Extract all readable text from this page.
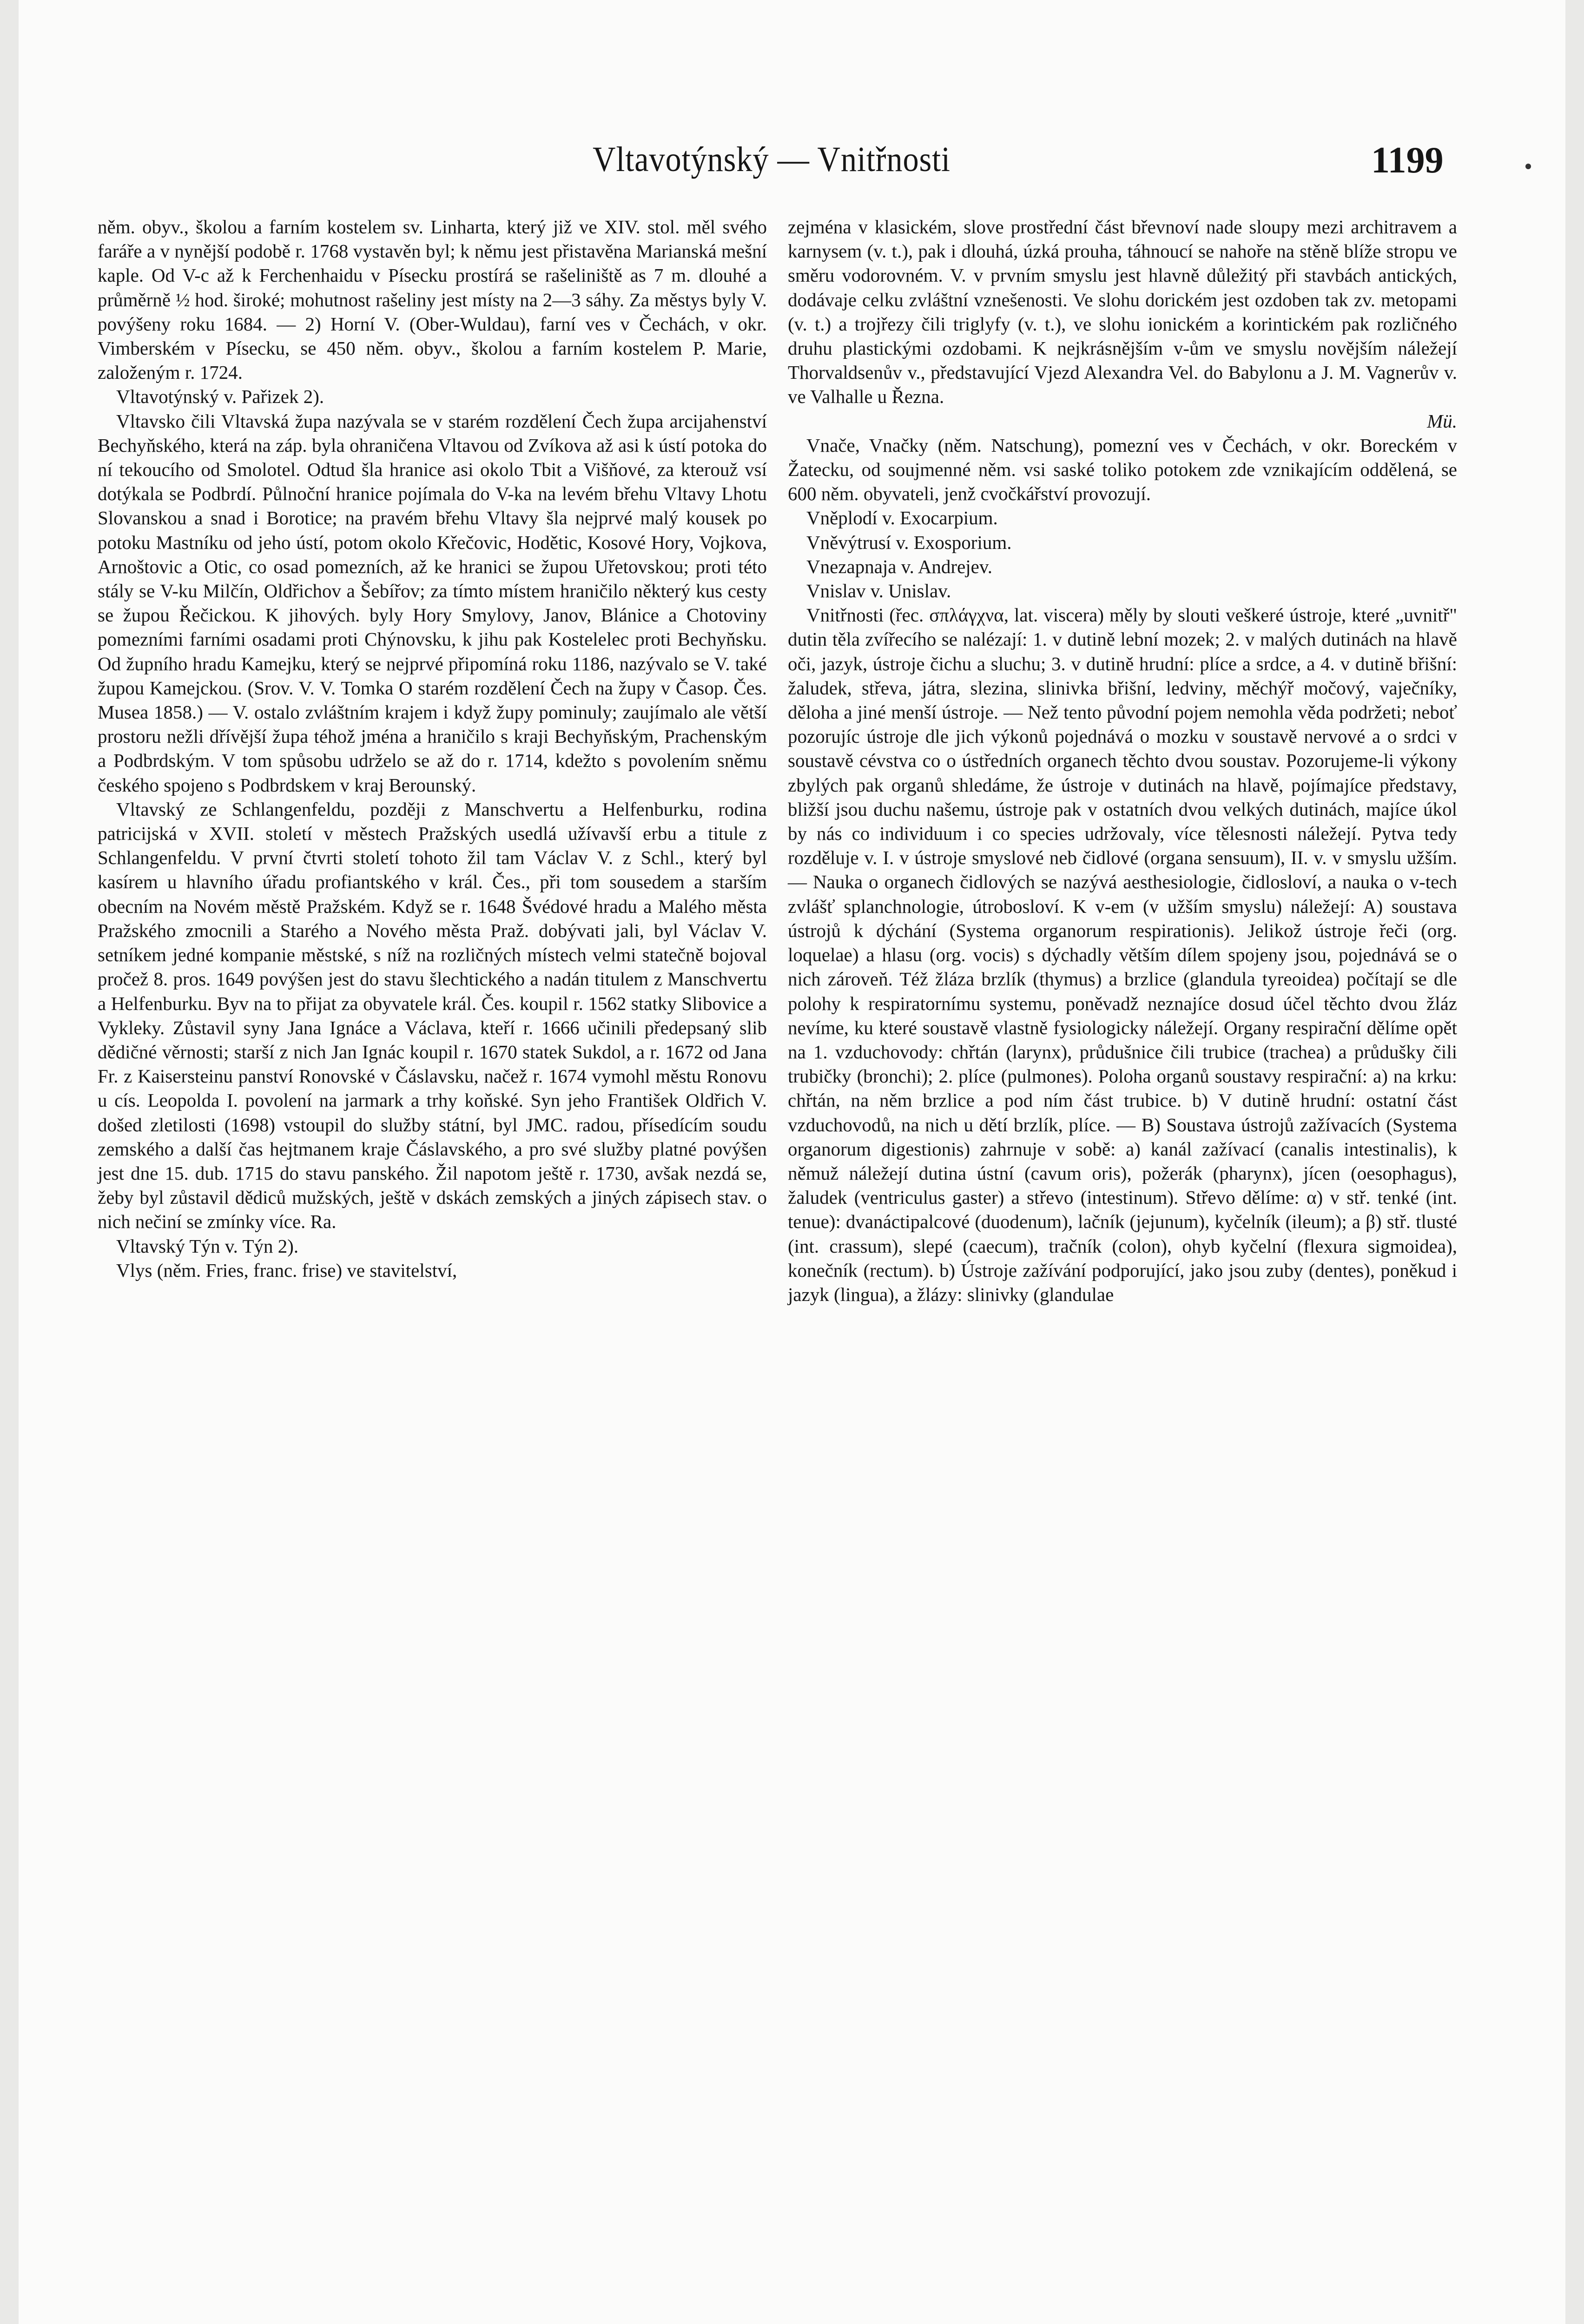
Vltavotýnský — Vnitřnosti	1199

něm. obyv., školou a farním kostelem sv. Linharta, který již ve XIV. stol. měl svého faráře a v nynější podobě r. 1768 vystavěn byl; k němu jest přistavěna Marianská mešní kaple. Od V-c až k Ferchenhaidu v Písecku prostírá se rašeliniště as 7 m. dlouhé a průměrně ½ hod. široké; mohutnost rašeliny jest místy na 2—3 sáhy. Za městys byly V. povýšeny roku 1684. — 2) Horní V. (Ober-Wuldau), farní ves v Čechách, v okr. Vimberském v Písecku, se 450 něm. obyv., školou a farním kostelem P. Marie, založeným r. 1724.

Vltavotýnský v. Pařizek 2).

Vltavsko čili Vltavská župa nazývala se v starém rozdělení Čech župa arcijahenství Bechyňského, která na záp. byla ohraničena Vltavou od Zvíkova až asi k ústí potoka do ní tekoucího od Smolotel. Odtud šla hranice asi okolo Tbit a Višňové, za kterouž vsí dotýkala se Podbrdí. Půlnoční hranice pojímala do V-ka na levém břehu Vltavy Lhotu Slovanskou a snad i Borotice; na pravém břehu Vltavy šla nejprvé malý kousek po potoku Mastníku od jeho ústí, potom okolo Křečovic, Hodětic, Kosové Hory, Vojkova, Arnoštovic a Otic, co osad pomezních, až ke hranici se župou Uřetovskou; proti této stály se V-ku Milčín, Oldřichov a Šebířov; za tímto místem hraničilo některý kus cesty se župou Řečickou. K jihových. byly Hory Smylovy, Janov, Blánice a Chotoviny pomezními farními osadami proti Chýnovsku, k jihu pak Kostelelec proti Bechyňsku. Od župního hradu Kamejku, který se nejprvé připomíná roku 1186, nazývalo se V. také župou Kamejckou. (Srov. V. V. Tomka O starém rozdělení Čech na župy v Časop. Čes. Musea 1858.) — V. ostalo zvláštním krajem i když župy pominuly; zaujímalo ale větší prostoru nežli dřívější župa téhož jména a hraničilo s kraji Bechyňským, Prachenským a Podbrdským. V tom spůsobu udrželo se až do r. 1714, kdežto s povolením sněmu českého spojeno s Podbrdskem v kraj Berounský.

Vltavský ze Schlangenfeldu, později z Manschvertu a Helfenburku, rodina patricijská v XVII. století v městech Pražských usedlá užívavší erbu a titule z Schlangenfeldu. V první čtvrti století tohoto žil tam Václav V. z Schl., který byl kasírem u hlavního úřadu profiantského v král. Čes., při tom sousedem a starším obecním na Novém městě Pražském. Když se r. 1648 Švédové hradu a Malého města Pražského zmocnili a Starého a Nového města Praž. dobývati jali, byl Václav V. setníkem jedné kompanie městské, s níž na rozličných místech velmi statečně bojoval pročež 8. pros. 1649 povýšen jest do stavu šlechtického a nadán titulem z Manschvertu a Helfenburku. Byv na to přijat za obyvatele král. Čes. koupil r. 1562 statky Slibovice a Vykleky. Zůstavil syny Jana Ignáce a Václava, kteří r. 1666 učinili předepsaný slib dědičné věrnosti; starší z nich Jan Ignác koupil r. 1670 statek Sukdol, a r. 1672 od Jana Fr. z Kaisersteinu panství Ronovské v Čáslavsku, načež r. 1674 vymohl městu Ronovu u cís. Leopolda I. povolení na jarmark a trhy koňské. Syn jeho František Oldřich V. došed zletilosti (1698) vstoupil do služby státní, byl JMC. radou, přísedícím soudu zemského a další čas hejtmanem kraje Čáslavského, a pro své služby platné povýšen jest dne 15. dub. 1715 do stavu panského. Žil napotom ještě r. 1730, avšak nezdá se, žeby byl zůstavil dědiců mužských, ještě v dskách zemských a jiných zápisech stav. o nich nečiní se zmínky více. Ra.

Vltavský Týn v. Týn 2).

Vlys (něm. Fries, franc. frise) ve stavitelství,

zejména v klasickém, slove prostřední část břevnoví nade sloupy mezi architravem a karnysem (v. t.), pak i dlouhá, úzká prouha, táhnoucí se nahoře na stěně blíže stropu ve směru vodorovném. V. v prvním smyslu jest hlavně důležitý při stavbách antických, dodávaje celku zvláštní vznešenosti. Ve slohu dorickém jest ozdoben tak zv. metopami (v. t.) a trojřezy čili triglyfy (v. t.), ve slohu ionickém a korintickém pak rozličného druhu plastickými ozdobami. K nejkrásnějším v-ům ve smyslu novějším náležejí Thorvaldsenův v., představující Vjezd Alexandra Vel. do Babylonu a J. M. Vagnerův v. ve Valhalle u Řezna.

Mü.

Vnače, Vnačky (něm. Natschung), pomezní ves v Čechách, v okr. Boreckém v Žatecku, od soujmenné něm. vsi saské toliko potokem zde vznikajícím oddělená, se 600 něm. obyvateli, jenž cvočkářství provozují.

Vněplodí v. Exocarpium.

Vněvýtrusí v. Exosporium.

Vnezapnaja v. Andrejev.

Vnislav v. Unislav.

Vnitřnosti (řec. σπλάγχνα, lat. viscera) měly by slouti veškeré ústroje, které „uvnitř" dutin těla zvířecího se nalézají: 1. v dutině lební mozek; 2. v malých dutinách na hlavě oči, jazyk, ústroje čichu a sluchu; 3. v dutině hrudní: plíce a srdce, a 4. v dutině břišní: žaludek, střeva, játra, slezina, slinivka břišní, ledviny, měchýř močový, vaječníky, děloha a jiné menší ústroje. — Než tento původní pojem nemohla věda podržeti; neboť pozorujíc ústroje dle jich výkonů pojednává o mozku v soustavě nervové a o srdci v soustavě cévstva co o ústředních organech těchto dvou soustav. Pozorujeme-li výkony zbylých pak organů shledáme, že ústroje v dutinách na hlavě, pojímajíce představy, bližší jsou duchu našemu, ústroje pak v ostatních dvou velkých dutinách, majíce úkol by nás co individuum i co species udržovaly, více tělesnosti náležejí. Pytva tedy rozděluje v. I. v ústroje smyslové neb čidlové (organa sensuum), II. v. v smyslu užším. — Nauka o organech čidlových se nazývá aesthesiologie, čidlosloví, a nauka o v-tech zvlášť splanchnologie, útrobosloví. K v-em (v užším smyslu) náležejí: A) soustava ústrojů k dýchání (Systema organorum respirationis). Jelikož ústroje řeči (org. loquelae) a hlasu (org. vocis) s dýchadly větším dílem spojeny jsou, pojednává se o nich zároveň. Též žláza brzlík (thymus) a brzlice (glandula tyreoidea) počítají se dle polohy k respiratornímu systemu, poněvadž neznajíce dosud účel těchto dvou žláz nevíme, ku které soustavě vlastně fysiologicky náležejí. Organy respirační dělíme opět na 1. vzduchovody: chřtán (larynx), průdušnice čili trubice (trachea) a průdušky čili trubičky (bronchi); 2. plíce (pulmones). Poloha organů soustavy respirační: a) na krku: chřtán, na něm brzlice a pod ním část trubice. b) V dutině hrudní: ostatní část vzduchovodů, na nich u dětí brzlík, plíce. — B) Soustava ústrojů zažívacích (Systema organorum digestionis) zahrnuje v sobě: a) kanál zažívací (canalis intestinalis), k němuž náležejí dutina ústní (cavum oris), požerák (pharynx), jícen (oesophagus), žaludek (ventriculus gaster) a střevo (intestinum). Střevo dělíme: α) v stř. tenké (int. tenue): dvanáctipalcové (duodenum), lačník (jejunum), kyčelník (ileum); a β) stř. tlusté (int. crassum), slepé (caecum), tračník (colon), ohyb kyčelní (flexura sigmoidea), konečník (rectum). b) Ústroje zažívání podporující, jako jsou zuby (dentes), poněkud i jazyk (lingua), a žlázy: slinivky (glandulae
